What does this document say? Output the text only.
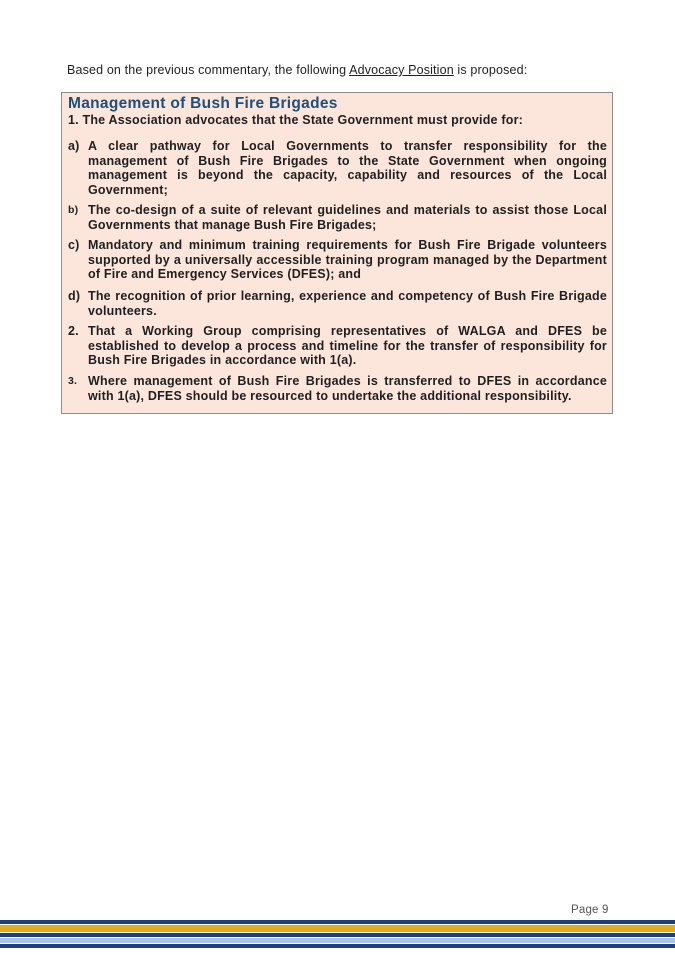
Based on the previous commentary, the following Advocacy Position is proposed:
Management of Bush Fire Brigades
1. The Association advocates that the State Government must provide for:
a) A clear pathway for Local Governments to transfer responsibility for the management of Bush Fire Brigades to the State Government when ongoing management is beyond the capacity, capability and resources of the Local Government;
b) The co-design of a suite of relevant guidelines and materials to assist those Local Governments that manage Bush Fire Brigades;
c) Mandatory and minimum training requirements for Bush Fire Brigade volunteers supported by a universally accessible training program managed by the Department of Fire and Emergency Services (DFES); and
d) The recognition of prior learning, experience and competency of Bush Fire Brigade volunteers.
2. That a Working Group comprising representatives of WALGA and DFES be established to develop a process and timeline for the transfer of responsibility for Bush Fire Brigades in accordance with 1(a).
3. Where management of Bush Fire Brigades is transferred to DFES in accordance with 1(a), DFES should be resourced to undertake the additional responsibility.
Page 9
